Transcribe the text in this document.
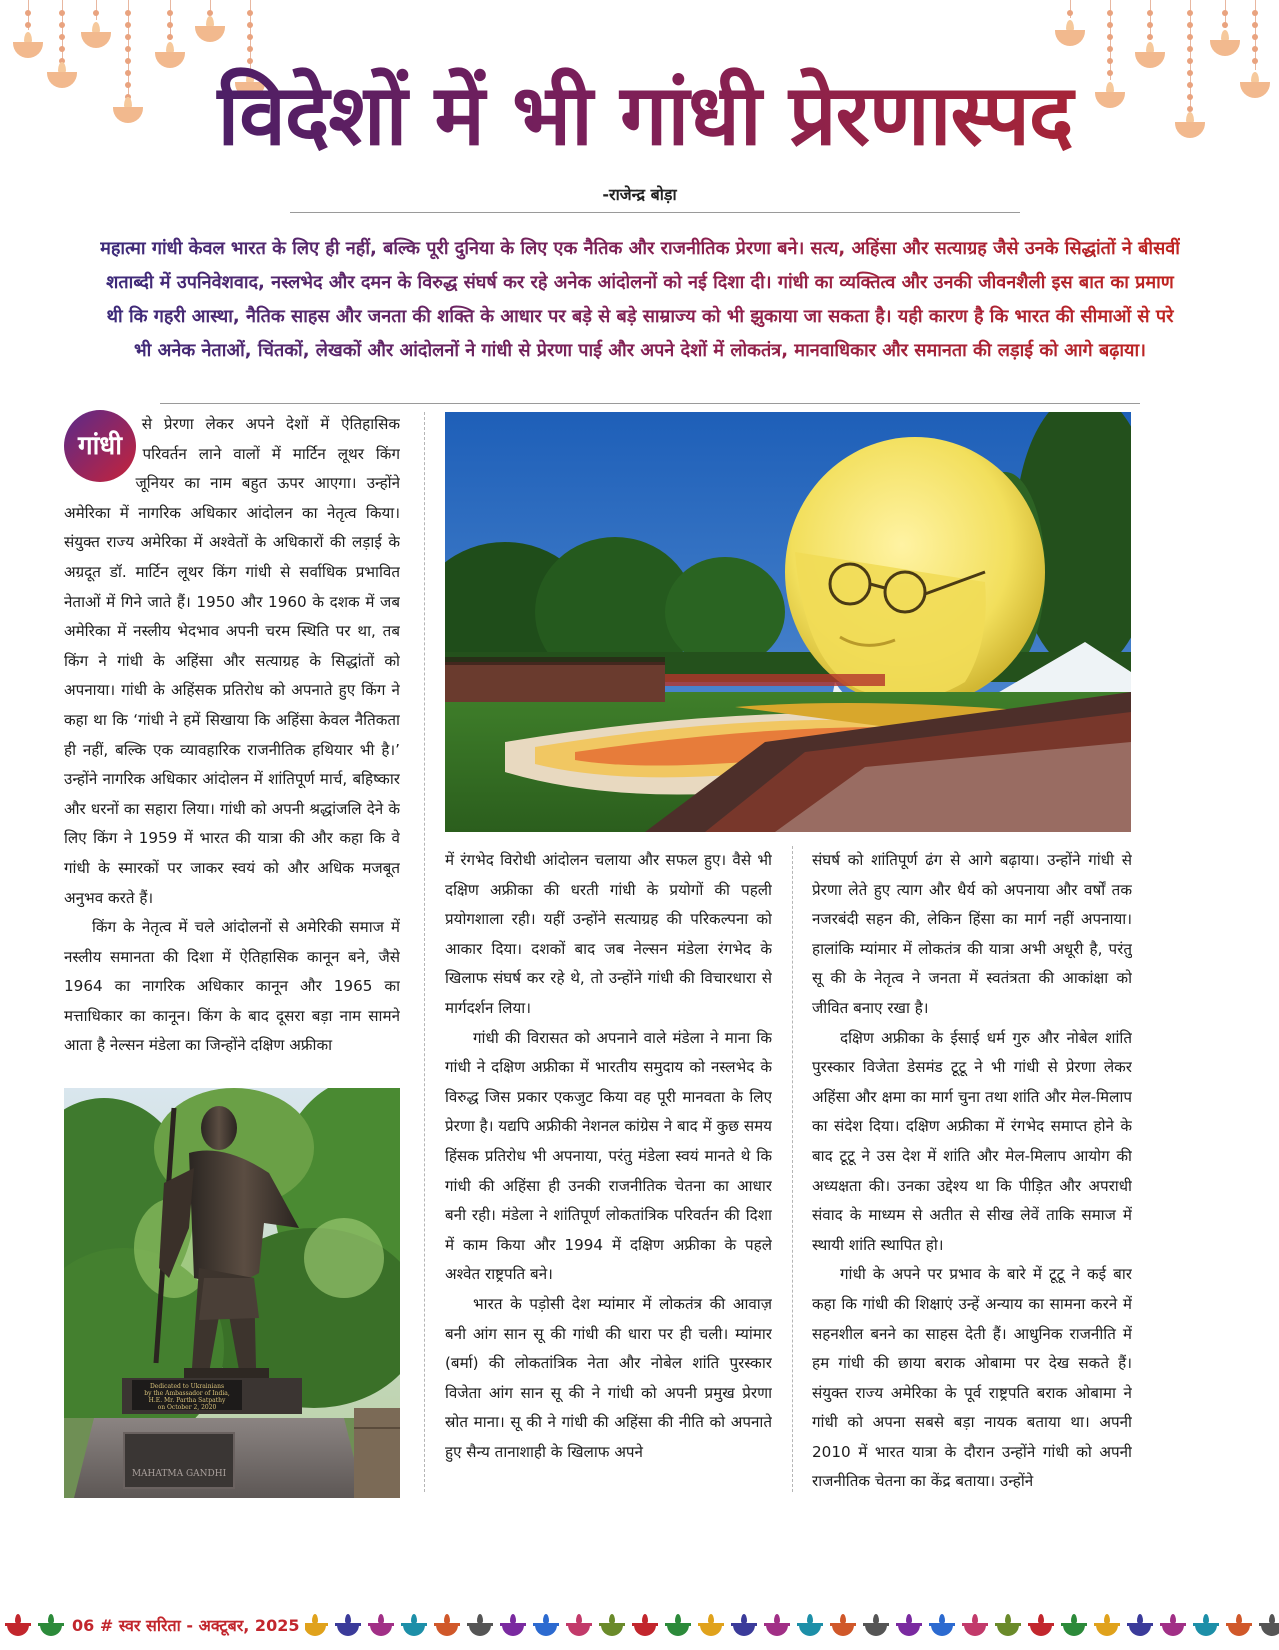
विदेशों में भी गांधी प्रेरणास्पद
-राजेन्द्र बोड़ा

महात्मा गांधी केवल भारत के लिए ही नहीं, बल्कि पूरी दुनिया के लिए एक नैतिक और राजनीतिक प्रेरणा बने। सत्य, अहिंसा और सत्याग्रह जैसे उनके सिद्धांतों ने बीसवीं शताब्दी में उपनिवेशवाद, नस्लभेद और दमन के विरुद्ध संघर्ष कर रहे अनेक आंदोलनों को नई दिशा दी। गांधी का व्यक्तित्व और उनकी जीवनशैली इस बात का प्रमाण थी कि गहरी आस्था, नैतिक साहस और जनता की शक्ति के आधार पर बड़े से बड़े साम्राज्य को भी झुकाया जा सकता है। यही कारण है कि भारत की सीमाओं से परे भी अनेक नेताओं, चिंतकों, लेखकों और आंदोलनों ने गांधी से प्रेरणा पाई और अपने देशों में लोकतंत्र, मानवाधिकार और समानता की लड़ाई को आगे बढ़ाया।

गांधी

से प्रेरणा लेकर अपने देशों में ऐतिहासिक परिवर्तन लाने वालों में मार्टिन लूथर किंग जूनियर का नाम बहुत ऊपर आएगा। उन्होंने अमेरिका में नागरिक अधिकार आंदोलन का नेतृत्व किया। संयुक्त राज्य अमेरिका में अश्वेतों के अधिकारों की लड़ाई के अग्रदूत डॉ. मार्टिन लूथर किंग गांधी से सर्वाधिक प्रभावित नेताओं में गिने जाते हैं। 1950 और 1960 के दशक में जब अमेरिका में नस्लीय भेदभाव अपनी चरम स्थिति पर था, तब किंग ने गांधी के अहिंसा और सत्याग्रह के सिद्धांतों को अपनाया। गांधी के अहिंसक प्रतिरोध को अपनाते हुए किंग ने कहा था कि ‘गांधी ने हमें सिखाया कि अहिंसा केवल नैतिकता ही नहीं, बल्कि एक व्यावहारिक राजनीतिक हथियार भी है।’ उन्होंने नागरिक अधिकार आंदोलन में शांतिपूर्ण मार्च, बहिष्कार और धरनों का सहारा लिया। गांधी को अपनी श्रद्धांजलि देने के लिए किंग ने 1959 में भारत की यात्रा की और कहा कि वे गांधी के स्मारकों पर जाकर स्वयं को और अधिक मजबूत अनुभव करते हैं।

किंग के नेतृत्व में चले आंदोलनों से अमेरिकी समाज में नस्लीय समानता की दिशा में ऐतिहासिक कानून बने, जैसे 1964 का नागरिक अधिकार कानून और 1965 का मत्ताधिकार का कानून। किंग के बाद दूसरा बड़ा नाम सामने आता है नेल्सन मंडेला का जिन्होंने दक्षिण अफ्रीका

Dedicated to Ukrainians
by the Ambassador of India,
H.E. Mr. Partha Satpathy
on October 2, 2020
MAHATMA GANDHI

में रंगभेद विरोधी आंदोलन चलाया और सफल हुए। वैसे भी दक्षिण अफ्रीका की धरती गांधी के प्रयोगों की पहली प्रयोगशाला रही। यहीं उन्होंने सत्याग्रह की परिकल्पना को आकार दिया। दशकों बाद जब नेल्सन मंडेला रंगभेद के खिलाफ संघर्ष कर रहे थे, तो उन्होंने गांधी की विचारधारा से मार्गदर्शन लिया।

गांधी की विरासत को अपनाने वाले मंडेला ने माना कि गांधी ने दक्षिण अफ्रीका में भारतीय समुदाय को नस्लभेद के विरुद्ध जिस प्रकार एकजुट किया वह पूरी मानवता के लिए प्रेरणा है। यद्यपि अफ्रीकी नेशनल कांग्रेस ने बाद में कुछ समय हिंसक प्रतिरोध भी अपनाया, परंतु मंडेला स्वयं मानते थे कि गांधी की अहिंसा ही उनकी राजनीतिक चेतना का आधार बनी रही। मंडेला ने शांतिपूर्ण लोकतांत्रिक परिवर्तन की दिशा में काम किया और 1994 में दक्षिण अफ्रीका के पहले अश्वेत राष्ट्रपति बने।

भारत के पड़ोसी देश म्यांमार में लोकतंत्र की आवाज़ बनी आंग सान सू की गांधी की धारा पर ही चली। म्यांमार (बर्मा) की लोकतांत्रिक नेता और नोबेल शांति पुरस्कार विजेता आंग सान सू की ने गांधी को अपनी प्रमुख प्रेरणा स्रोत माना। सू की ने गांधी की अहिंसा की नीति को अपनाते हुए सैन्य तानाशाही के खिलाफ अपने

संघर्ष को शांतिपूर्ण ढंग से आगे बढ़ाया। उन्होंने गांधी से प्रेरणा लेते हुए त्याग और धैर्य को अपनाया और वर्षों तक नजरबंदी सहन की, लेकिन हिंसा का मार्ग नहीं अपनाया। हालांकि म्यांमार में लोकतंत्र की यात्रा अभी अधूरी है, परंतु सू की के नेतृत्व ने जनता में स्वतंत्रता की आकांक्षा को जीवित बनाए रखा है।

दक्षिण अफ्रीका के ईसाई धर्म गुरु और नोबेल शांति पुरस्कार विजेता डेसमंड टूटू ने भी गांधी से प्रेरणा लेकर अहिंसा और क्षमा का मार्ग चुना तथा शांति और मेल-मिलाप का संदेश दिया। दक्षिण अफ्रीका में रंगभेद समाप्त होने के बाद टूटू ने उस देश में शांति और मेल-मिलाप आयोग की अध्यक्षता की। उनका उद्देश्य था कि पीड़ित और अपराधी संवाद के माध्यम से अतीत से सीख लेवें ताकि समाज में स्थायी शांति स्थापित हो।

गांधी के अपने पर प्रभाव के बारे में टूटू ने कई बार कहा कि गांधी की शिक्षाएं उन्हें अन्याय का सामना करने में सहनशील बनने का साहस देती हैं। आधुनिक राजनीति में हम गांधी की छाया बराक ओबामा पर देख सकते हैं। संयुक्त राज्य अमेरिका के पूर्व राष्ट्रपति बराक ओबामा ने गांधी को अपना सबसे बड़ा नायक बताया था। अपनी 2010 में भारत यात्रा के दौरान उन्होंने गांधी को अपनी राजनीतिक चेतना का केंद्र बताया। उन्होंने

06 # स्वर सरिता - अक्टूबर, 2025
